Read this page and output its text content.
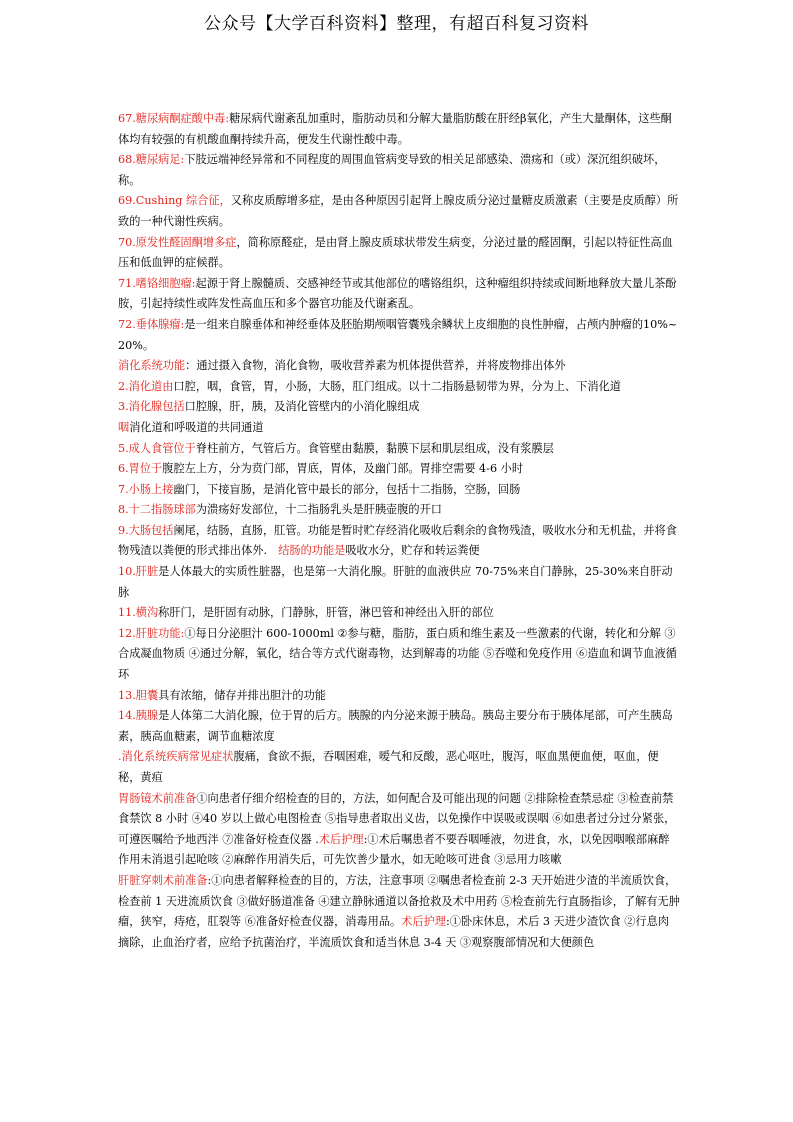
公众号【大学百科资料】整理，有超百科复习资料

67.糖尿病酮症酸中毒:糖尿病代谢紊乱加重时，脂肪动员和分解大量脂肪酸在肝经β氧化，产生大量酮体，这些酮体均有较强的有机酸血酮持续升高，便发生代谢性酸中毒。

68.糖尿病足:下肢远端神经异常和不同程度的周围血管病变导致的相关足部感染、溃疡和（或）深沉组织破坏，称。

69.Cushing 综合征，又称皮质醇增多症，是由各种原因引起肾上腺皮质分泌过量糖皮质激素（主要是皮质醇）所致的一种代谢性疾病。

70.原发性醛固酮增多症，简称原醛症，是由肾上腺皮质球状带发生病变，分泌过量的醛固酮，引起以特征性高血压和低血钾的症候群。

71.嗜铬细胞瘤:起源于肾上腺髓质、交感神经节或其他部位的嗜铬组织，这种瘤组织持续或间断地释放大量儿茶酚胺，引起持续性或阵发性高血压和多个器官功能及代谢紊乱。

72.垂体腺瘤:是一组来自腺垂体和神经垂体及胚胎期颅咽管囊残余鳞状上皮细胞的良性肿瘤，占颅内肿瘤的10%~20%。

消化系统功能：通过摄入食物，消化食物，吸收营养素为机体提供营养，并将废物排出体外

2.消化道由口腔，咽，食管，胃，小肠，大肠，肛门组成。以十二指肠悬韧带为界，分为上、下消化道

3.消化腺包括口腔腺，肝，胰，及消化管壁内的小消化腺组成

咽消化道和呼吸道的共同通道

5.成人食管位于脊柱前方，气管后方。食管壁由黏膜，黏膜下层和肌层组成，没有浆膜层

6.胃位于腹腔左上方，分为贲门部，胃底，胃体，及幽门部。胃排空需要 4-6 小时

7.小肠上接幽门，下接盲肠，是消化管中最长的部分，包括十二指肠，空肠，回肠

8.十二指肠球部为溃疡好发部位，十二指肠乳头是肝胰壶腹的开口

9.大肠包括阑尾，结肠，直肠，肛管。功能是暂时贮存经消化吸收后剩余的食物残渣，吸收水分和无机盐，并将食物残渣以粪便的形式排出体外.　结肠的功能是吸收水分，贮存和转运粪便

10.肝脏是人体最大的实质性脏器，也是第一大消化腺。肝脏的血液供应 70-75%来自门静脉，25-30%来自肝动脉

11.横沟称肝门，是肝固有动脉，门静脉，肝管，淋巴管和神经出入肝的部位

12.肝脏功能:①每日分泌胆汁 600-1000ml ②参与糖，脂肪，蛋白质和维生素及一些激素的代谢，转化和分解 ③合成凝血物质 ④通过分解，氧化，结合等方式代谢毒物，达到解毒的功能 ⑤吞噬和免疫作用 ⑥造血和调节血液循环

13.胆囊具有浓缩，储存并排出胆汁的功能

14.胰腺是人体第二大消化腺，位于胃的后方。胰腺的内分泌来源于胰岛。胰岛主要分布于胰体尾部，可产生胰岛素，胰高血糖素，调节血糖浓度

.消化系统疾病常见症状腹痛，食欲不振，吞咽困难，嗳气和反酸，恶心呕吐，腹泻，呕血黑便血便，呕血，便秘，黄疸

胃肠镜术前准备①向患者仔细介绍检查的目的，方法，如何配合及可能出现的问题 ②排除检查禁忌症 ③检查前禁食禁饮 8 小时 ④40 岁以上做心电图检查 ⑤指导患者取出义齿，以免操作中误吸或误咽 ⑥如患者过分过分紧张，可遵医嘱给予地西泮 ⑦准备好检查仪器 .术后护理:①术后嘱患者不要吞咽唾液，勿进食，水，以免因咽喉部麻醉作用未消退引起呛咳 ②麻醉作用消失后，可先饮善少量水，如无呛咳可进食 ③忌用力咳嗽

肝脏穿刺术前准备:①向患者解释检查的目的，方法，注意事项 ②嘱患者检查前 2-3 天开始进少渣的半流质饮食，检查前 1 天进流质饮食 ③做好肠道准备 ④建立静脉通道以备抢救及术中用药 ⑤检查前先行直肠指诊，了解有无肿瘤，狭窄，痔疮，肛裂等 ⑥准备好检查仪器，消毒用品。术后护理:①卧床休息，术后 3 天进少渣饮食 ②行息肉摘除，止血治疗者，应给予抗菌治疗，半流质饮食和适当休息 3-4 天 ③观察腹部情况和大便颜色
